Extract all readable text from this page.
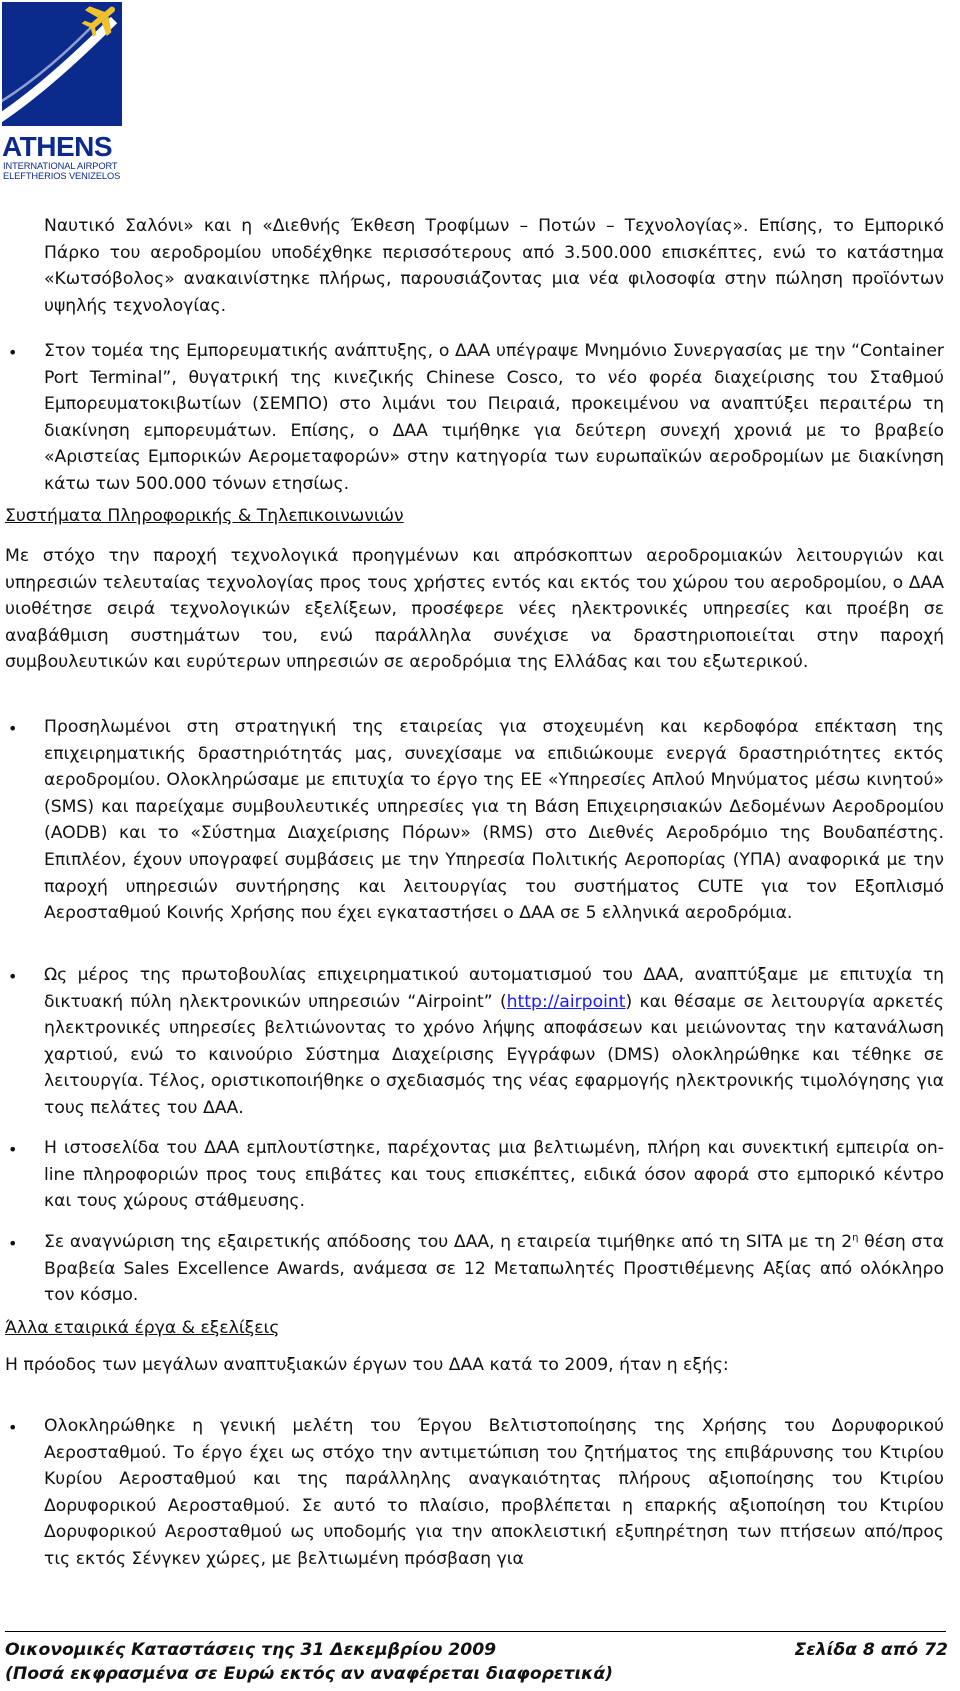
ATHENS
INTERNATIONAL AIRPORT
ELEFTHERIOS VENIZELOS

Ναυτικό Σαλόνι» και η «Διεθνής Έκθεση Τροφίμων – Ποτών – Τεχνολογίας». Επίσης, το Εμπορικό Πάρκο του αεροδρομίου υποδέχθηκε περισσότερους από 3.500.000 επισκέπτες, ενώ το κατάστημα «Κωτσόβολος» ανακαινίστηκε πλήρως, παρουσιάζοντας μια νέα φιλοσοφία στην πώληση προϊόντων υψηλής τεχνολογίας.

• Στον τομέα της Εμπορευματικής ανάπτυξης, ο ΔΑΑ υπέγραψε Μνημόνιο Συνεργασίας με την “Container Port Terminal”, θυγατρική της κινεζικής Chinese Cosco, το νέο φορέα διαχείρισης του Σταθμού Εμπορευματοκιβωτίων (ΣΕΜΠΟ) στο λιμάνι του Πειραιά, προκειμένου να αναπτύξει περαιτέρω τη διακίνηση εμπορευμάτων. Επίσης, ο ΔΑΑ τιμήθηκε για δεύτερη συνεχή χρονιά με το βραβείο «Αριστείας Εμπορικών Αερομεταφορών» στην κατηγορία των ευρωπαϊκών αεροδρομίων με διακίνηση κάτω των 500.000 τόνων ετησίως.

Συστήματα Πληροφορικής & Τηλεπικοινωνιών

Με στόχο την παροχή τεχνολογικά προηγμένων και απρόσκοπτων αεροδρομιακών λειτουργιών και υπηρεσιών τελευταίας τεχνολογίας προς τους χρήστες εντός και εκτός του χώρου του αεροδρομίου, ο ΔΑΑ υιοθέτησε σειρά τεχνολογικών εξελίξεων, προσέφερε νέες ηλεκτρονικές υπηρεσίες και προέβη σε αναβάθμιση συστημάτων του, ενώ παράλληλα συνέχισε να δραστηριοποιείται στην παροχή συμβουλευτικών και ευρύτερων υπηρεσιών σε αεροδρόμια της Ελλάδας και του εξωτερικού.

• Προσηλωμένοι στη στρατηγική της εταιρείας για στοχευμένη και κερδοφόρα επέκταση της επιχειρηματικής δραστηριότητάς μας, συνεχίσαμε να επιδιώκουμε ενεργά δραστηριότητες εκτός αεροδρομίου. Ολοκληρώσαμε με επιτυχία το έργο της ΕΕ «Υπηρεσίες Απλού Μηνύματος μέσω κινητού» (SMS) και παρείχαμε συμβουλευτικές υπηρεσίες για τη Βάση Επιχειρησιακών Δεδομένων Αεροδρομίου (AODB) και το «Σύστημα Διαχείρισης Πόρων» (RMS) στο Διεθνές Αεροδρόμιο της Βουδαπέστης. Επιπλέον, έχουν υπογραφεί συμβάσεις με την Υπηρεσία Πολιτικής Αεροπορίας (ΥΠΑ) αναφορικά με την παροχή υπηρεσιών συντήρησης και λειτουργίας του συστήματος CUTE για τον Εξοπλισμό Αεροσταθμού Κοινής Χρήσης που έχει εγκαταστήσει ο ΔΑΑ σε 5 ελληνικά αεροδρόμια.

• Ως μέρος της πρωτοβουλίας επιχειρηματικού αυτοματισμού του ΔΑΑ, αναπτύξαμε με επιτυχία τη δικτυακή πύλη ηλεκτρονικών υπηρεσιών “Airpoint” (http://airpoint) και θέσαμε σε λειτουργία αρκετές ηλεκτρονικές υπηρεσίες βελτιώνοντας το χρόνο λήψης αποφάσεων και μειώνοντας την κατανάλωση χαρτιού, ενώ το καινούριο Σύστημα Διαχείρισης Εγγράφων (DMS) ολοκληρώθηκε και τέθηκε σε λειτουργία. Τέλος, οριστικοποιήθηκε ο σχεδιασμός της νέας εφαρμογής ηλεκτρονικής τιμολόγησης για τους πελάτες του ΔΑΑ.

• Η ιστοσελίδα του ΔΑΑ εμπλουτίστηκε, παρέχοντας μια βελτιωμένη, πλήρη και συνεκτική εμπειρία on-line πληροφοριών προς τους επιβάτες και τους επισκέπτες, ειδικά όσον αφορά στο εμπορικό κέντρο και τους χώρους στάθμευσης.

• Σε αναγνώριση της εξαιρετικής απόδοσης του ΔΑΑ, η εταιρεία τιμήθηκε από τη SITA με τη $2^\eta$ θέση στα Βραβεία Sales Excellence Awards, ανάμεσα σε 12 Μεταπωλητές Προστιθέμενης Αξίας από ολόκληρο τον κόσμο.

Άλλα εταιρικά έργα & εξελίξεις

Η πρόοδος των μεγάλων αναπτυξιακών έργων του ΔΑΑ κατά το 2009, ήταν η εξής:

• Ολοκληρώθηκε η γενική μελέτη του Έργου Βελτιστοποίησης της Χρήσης του Δορυφορικού Αεροσταθμού. Το έργο έχει ως στόχο την αντιμετώπιση του ζητήματος της επιβάρυνσης του Κτιρίου Κυρίου Αεροσταθμού και της παράλληλης αναγκαιότητας πλήρους αξιοποίησης του Κτιρίου Δορυφορικού Αεροσταθμού. Σε αυτό το πλαίσιο, προβλέπεται η επαρκής αξιοποίηση του Κτιρίου Δορυφορικού Αεροσταθμού ως υποδομής για την αποκλειστική εξυπηρέτηση των πτήσεων από/προς τις εκτός Σένγκεν χώρες, με βελτιωμένη πρόσβαση για

Οικονομικές Καταστάσεις της 31 Δεκεμβρίου 2009	Σελίδα 8 από 72
(Ποσά εκφρασμένα σε Ευρώ εκτός αν αναφέρεται διαφορετικά)
